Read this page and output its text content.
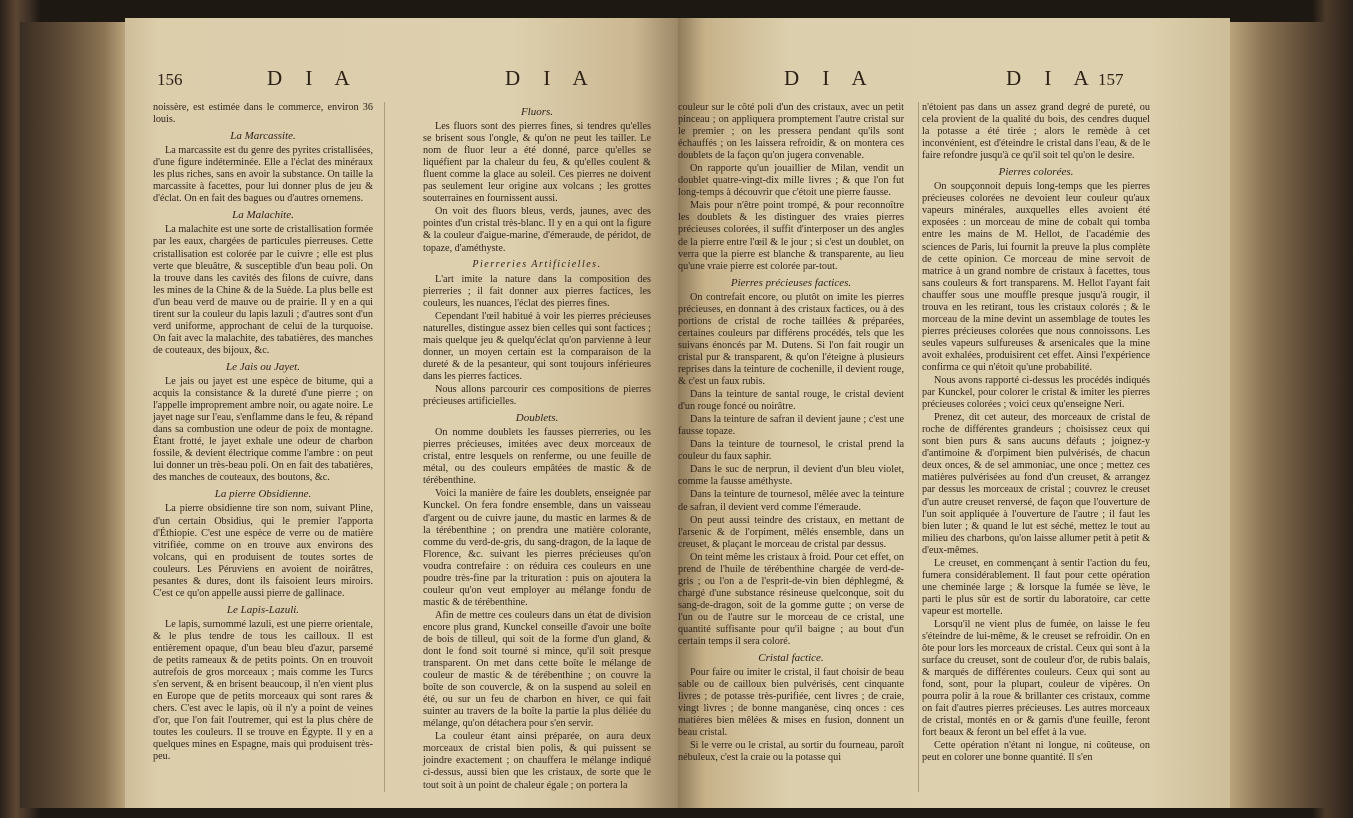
156	D I A	D I A

noissère, est estimée dans le commerce, environ 36 louis.

La Marcassite.

La marcassite est du genre des pyrites cristallisées, d'une figure indéterminée. Elle a l'éclat des minéraux les plus riches, sans en avoir la substance. On taille la marcassite à facettes, pour lui donner plus de jeu & d'éclat. On en fait des bagues ou d'autres ornemens.

La Malachite.

La malachite est une sorte de cristallisation formée par les eaux, chargées de particules pierreuses. Cette cristallisation est colorée par le cuivre ; elle est plus verte que bleuâtre, & susceptible d'un beau poli. On la trouve dans les cavités des filons de cuivre, dans les mines de la Chine & de la Suède. La plus belle est d'un beau verd de mauve ou de prairie. Il y en a qui tirent sur la couleur du lapis lazuli ; d'autres sont d'un verd uniforme, approchant de celui de la turquoise. On fait avec la malachite, des tabatières, des manches de couteaux, des bijoux, &c.

Le Jais ou Jayet.

Le jais ou jayet est une espèce de bitume, qui a acquis la consistance & la dureté d'une pierre ; on l'appelle improprement ambre noir, ou agate noire. Le jayet nage sur l'eau, s'enflamme dans le feu, & répand dans sa combustion une odeur de poix de montagne. Étant frotté, le jayet exhale une odeur de charbon fossile, & devient électrique comme l'ambre : on peut lui donner un très-beau poli. On en fait des tabatières, des manches de couteaux, des boutons, &c.

La pierre Obsidienne.

La pierre obsidienne tire son nom, suivant Pline, d'un certain Obsidius, qui le premier l'apporta d'Éthiopie. C'est une espèce de verre ou de matière vitrifiée, comme on en trouve aux environs des volcans, qui en produisent de toutes sortes de couleurs. Les Péruviens en avoient de noirâtres, pesantes & dures, dont ils faisoient leurs miroirs. C'est ce qu'on appelle aussi pierre de gallinace.

Le Lapis-Lazuli.

Le lapis, surnommé lazuli, est une pierre orientale, & le plus tendre de tous les cailloux. Il est entièrement opaque, d'un beau bleu d'azur, parsemé de petits rameaux & de petits points. On en trouvoit autrefois de gros morceaux ; mais comme les Turcs s'en servent, & en brisent beaucoup, il n'en vient plus en Europe que de petits morceaux qui sont rares & chers. C'est avec le lapis, où il n'y a point de veines d'or, que l'on fait l'outremer, qui est la plus chère de toutes les couleurs. Il se trouve en Égypte. Il y en a quelques mines en Espagne, mais qui produisent très-peu.

Fluors.

Les fluors sont des pierres fines, si tendres qu'elles se brisent sous l'ongle, & qu'on ne peut les tailler. Le nom de fluor leur a été donné, parce qu'elles se liquéfient par la chaleur du feu, & qu'elles coulent & fluent comme la glace au soleil. Ces pierres ne doivent pas seulement leur origine aux volcans ; les grottes souterraines en fournissent aussi.

On voit des fluors bleus, verds, jaunes, avec des pointes d'un cristal très-blanc. Il y en a qui ont la figure & la couleur d'aigue-marine, d'émeraude, de péridot, de topaze, d'améthyste.

Pierreries Artificielles.

L'art imite la nature dans la composition des pierreries ; il fait donner aux pierres factices, les couleurs, les nuances, l'éclat des pierres fines.

Cependant l'œil habitué à voir les pierres précieuses naturelles, distingue assez bien celles qui sont factices ; mais quelque jeu & quelqu'éclat qu'on parvienne à leur donner, un moyen certain est la comparaison de la dureté & de la pesanteur, qui sont toujours inférieures dans les pierres factices.

Nous allons parcourir ces compositions de pierres précieuses artificielles.

Doublets.

On nomme doublets les fausses pierreries, ou les pierres précieuses, imitées avec deux morceaux de cristal, entre lesquels on renferme, ou une feuille de métal, ou des couleurs empâtées de mastic & de térébenthine.

Voici la manière de faire les doublets, enseignée par Kunckel. On fera fondre ensemble, dans un vaisseau d'argent ou de cuivre jaune, du mastic en larmes & de la térébenthine ; on prendra une matière colorante, comme du verd-de-gris, du sang-dragon, de la laque de Florence, &c. suivant les pierres précieuses qu'on voudra contrefaire : on réduira ces couleurs en une poudre très-fine par la trituration : puis on ajoutera la couleur qu'on veut employer au mélange fondu de mastic & de térébenthine.

Afin de mettre ces couleurs dans un état de division encore plus grand, Kunckel conseille d'avoir une boîte de bois de tilleul, qui soit de la forme d'un gland, & dont le fond soit tourné si mince, qu'il soit presque transparent. On met dans cette boîte le mélange de couleur de mastic & de térébenthine ; on couvre la boîte de son couvercle, & on la suspend au soleil en été, ou sur un feu de charbon en hiver, ce qui fait suinter au travers de la boîte la partie la plus déliée du mélange, qu'on détachera pour s'en servir.

La couleur étant ainsi préparée, on aura deux morceaux de cristal bien polis, & qui puissent se joindre exactement ; on chauffera le mélange indiqué ci-dessus, aussi bien que les cristaux, de sorte que le tout soit à un point de chaleur égale ; on portera la

D I A	D I A 157

couleur sur le côté poli d'un des cristaux, avec un petit pinceau ; on appliquera promptement l'autre cristal sur le premier ; on les pressera pendant qu'ils sont échauffés ; on les laissera refroidir, & on montera ces doublets de la façon qu'on jugera convenable.

On rapporte qu'un jouaillier de Milan, vendit un doublet quatre-vingt-dix mille livres ; & que l'on fut long-temps à découvrir que c'étoit une pierre fausse.

Mais pour n'être point trompé, & pour reconnoître les doublets & les distinguer des vraies pierres précieuses colorées, il suffit d'interposer un des angles de la pierre entre l'œil & le jour ; si c'est un doublet, on verra que la pierre est blanche & transparente, au lieu qu'une vraie pierre est colorée par-tout.

Pierres précieuses factices.

On contrefait encore, ou plutôt on imite les pierres précieuses, en donnant à des cristaux factices, ou à des portions de cristal de roche taillées & préparées, certaines couleurs par différens procédés, tels que les suivans énoncés par M. Dutens. Si l'on fait rougir un cristal pur & transparent, & qu'on l'éteigne à plusieurs reprises dans la teinture de cochenille, il devient rouge, & c'est un faux rubis.

Dans la teinture de santal rouge, le cristal devient d'un rouge foncé ou noirâtre.

Dans la teinture de safran il devient jaune ; c'est une fausse topaze.

Dans la teinture de tournesol, le cristal prend la couleur du faux saphir.

Dans le suc de nerprun, il devient d'un bleu violet, comme la fausse améthyste.

Dans la teinture de tournesol, mêlée avec la teinture de safran, il devient verd comme l'émeraude.

On peut aussi teindre des cristaux, en mettant de l'arsenic & de l'orpiment, mêlés ensemble, dans un creuset, & plaçant le morceau de cristal par dessus.

On teint même les cristaux à froid. Pour cet effet, on prend de l'huile de térébenthine chargée de verd-de-gris ; ou l'on a de l'esprit-de-vin bien déphlegmé, & chargé d'une substance résineuse quelconque, soit du sang-de-dragon, soit de la gomme gutte ; on verse de l'un ou de l'autre sur le morceau de ce cristal, une quantité suffisante pour qu'il baigne ; au bout d'un certain temps il sera coloré.

Cristal factice.

Pour faire ou imiter le cristal, il faut choisir de beau sable ou de cailloux bien pulvérisés, cent cinquante livres ; de potasse très-purifiée, cent livres ; de craie, vingt livres ; de bonne manganèse, cinq onces : ces matières bien mêlées & mises en fusion, donnent un beau cristal.

Si le verre ou le cristal, au sortir du fourneau, paroît nébuleux, c'est la craie ou la potasse qui

n'étoient pas dans un assez grand degré de pureté, ou cela provient de la qualité du bois, des cendres duquel la potasse a été tirée ; alors le remède à cet inconvénient, est d'éteindre le cristal dans l'eau, & de le faire refondre jusqu'à ce qu'il soit tel qu'on le desire.

Pierres colorées.

On soupçonnoit depuis long-temps que les pierres précieuses colorées ne devoient leur couleur qu'aux vapeurs minérales, auxquelles elles avoient été exposées : un morceau de mine de cobalt qui tomba entre les mains de M. Hellot, de l'académie des sciences de Paris, lui fournit la preuve la plus complète de cette opinion. Ce morceau de mine servoit de matrice à un grand nombre de cristaux à facettes, tous sans couleurs & fort transparens. M. Hellot l'ayant fait chauffer sous une mouffle presque jusqu'à rougir, il trouva en les retirant, tous les cristaux colorés ; & le morceau de la mine devint un assemblage de toutes les pierres précieuses colorées que nous connoissons. Les seules vapeurs sulfureuses & arsenicales que la mine avoit exhalées, produisirent cet effet. Ainsi l'expérience confirma ce qui n'étoit qu'une probabilité.

Nous avons rapporté ci-dessus les procédés indiqués par Kunckel, pour colorer le cristal & imiter les pierres précieuses colorées ; voici ceux qu'enseigne Neri.

Prenez, dit cet auteur, des morceaux de cristal de roche de différentes grandeurs ; choisissez ceux qui sont bien purs & sans aucuns défauts ; joignez-y d'antimoine & d'orpiment bien pulvérisés, de chacun deux onces, & de sel ammoniac, une once ; mettez ces matières pulvérisées au fond d'un creuset, & arrangez par dessus les morceaux de cristal ; couvrez le creuset d'un autre creuset renversé, de façon que l'ouverture de l'un soit appliquée à l'ouverture de l'autre ; il faut les bien luter ; & quand le lut est séché, mettez le tout au milieu des charbons, qu'on laisse allumer petit à petit & d'eux-mêmes.

Le creuset, en commençant à sentir l'action du feu, fumera considérablement. Il faut pour cette opération une cheminée large ; & lorsque la fumée se lève, le parti le plus sûr est de sortir du laboratoire, car cette vapeur est mortelle.

Lorsqu'il ne vient plus de fumée, on laisse le feu s'éteindre de lui-même, & le creuset se refroidir. On en ôte pour lors les morceaux de cristal. Ceux qui sont à la surface du creuset, sont de couleur d'or, de rubis balais, & marqués de différentes couleurs. Ceux qui sont au fond, sont, pour la plupart, couleur de vipères. On pourra polir à la roue & brillanter ces cristaux, comme on fait d'autres pierres précieuses. Les autres morceaux de cristal, montés en or & garnis d'une feuille, feront fort beaux & feront un bel effet à la vue.

Cette opération n'étant ni longue, ni coûteuse, on peut en colorer une bonne quantité. Il s'en
